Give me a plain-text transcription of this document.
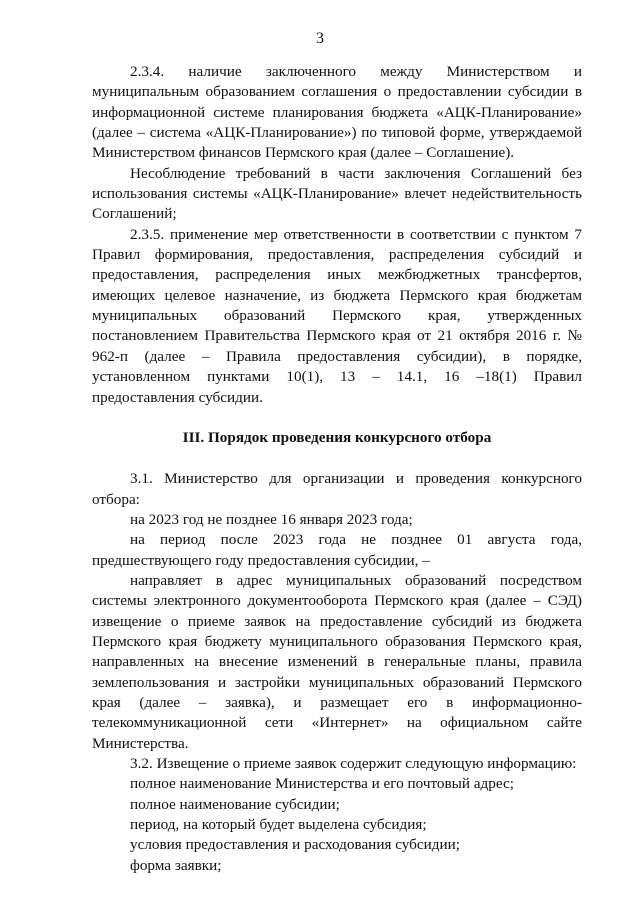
3

2.3.4. наличие заключенного между Министерством и муниципальным образованием соглашения о предоставлении субсидии в информационной системе планирования бюджета «АЦК-Планирование» (далее – система «АЦК-Планирование») по типовой форме, утверждаемой Министерством финансов Пермского края (далее – Соглашение).

Несоблюдение требований в части заключения Соглашений без использования системы «АЦК-Планирование» влечет недействительность Соглашений;

2.3.5. применение мер ответственности в соответствии с пунктом 7 Правил формирования, предоставления, распределения субсидий и предоставления, распределения иных межбюджетных трансфертов, имеющих целевое назначение, из бюджета Пермского края бюджетам муниципальных образований Пермского края, утвержденных постановлением Правительства Пермского края от 21 октября 2016 г. № 962-п (далее – Правила предоставления субсидии), в порядке, установленном пунктами 10(1), 13 – 14.1, 16 –18(1) Правил предоставления субсидии.

III. Порядок проведения конкурсного отбора

3.1. Министерство для организации и проведения конкурсного отбора:

на 2023 год не позднее 16 января 2023 года;

на период после 2023 года не позднее 01 августа года, предшествующего году предоставления субсидии, –

направляет в адрес муниципальных образований посредством системы электронного документооборота Пермского края (далее – СЭД) извещение о приеме заявок на предоставление субсидий из бюджета Пермского края бюджету муниципального образования Пермского края, направленных на внесение изменений в генеральные планы, правила землепользования и застройки муниципальных образований Пермского края (далее – заявка), и размещает его в информационно-телекоммуникационной сети «Интернет» на официальном сайте Министерства.

3.2. Извещение о приеме заявок содержит следующую информацию:

полное наименование Министерства и его почтовый адрес;

полное наименование субсидии;

период, на который будет выделена субсидия;

условия предоставления и расходования субсидии;

форма заявки;
